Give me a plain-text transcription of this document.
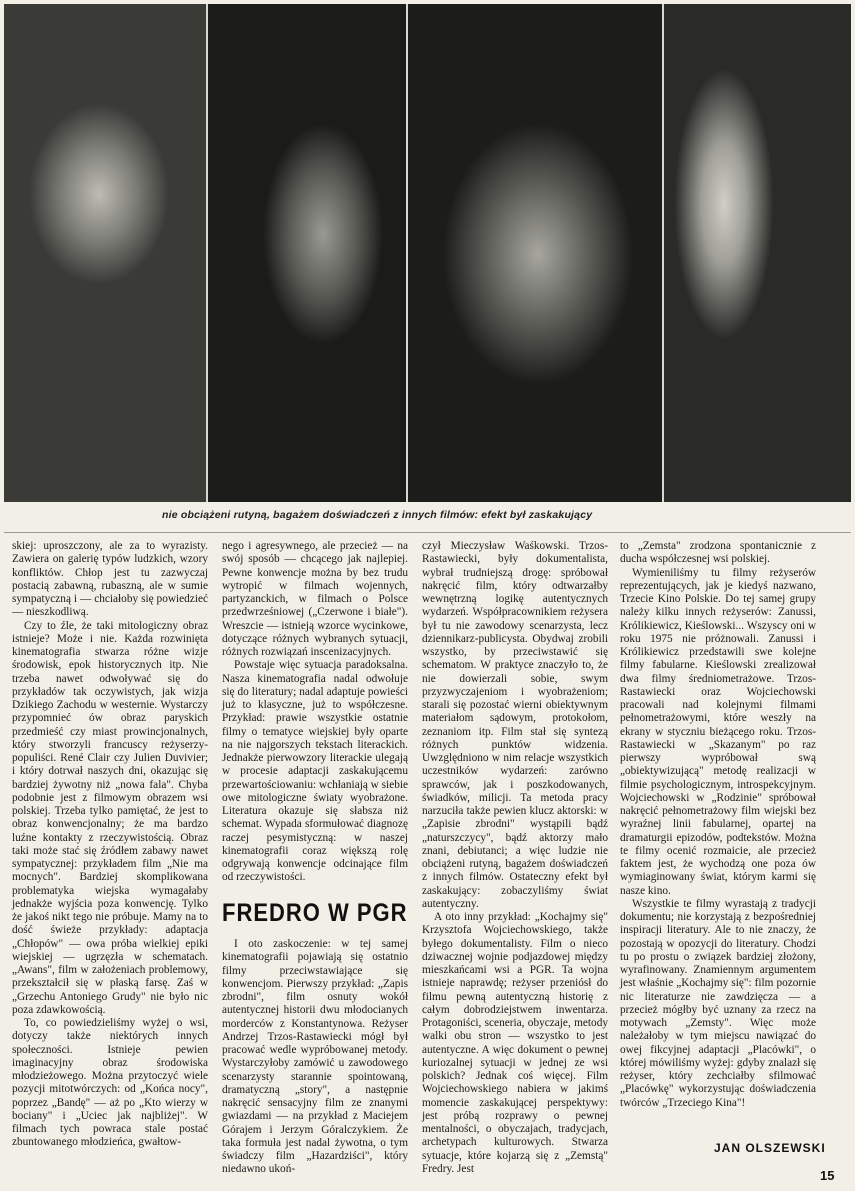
nie obciążeni rutyną, bagażem doświadczeń z innych filmów: efekt był zaskakujący

skiej: uproszczony, ale za to wyrazisty. Zawiera on galerię typów ludzkich, wzory konfliktów. Chłop jest tu zazwyczaj postacią zabawną, rubaszną, ale w sumie sympatyczną i — chciałoby się powiedzieć — nieszkodliwą.

Czy to źle, że taki mitologiczny obraz istnieje? Może i nie. Każda rozwinięta kinematografia stwarza różne wizje środowisk, epok historycznych itp. Nie trzeba nawet odwoływać się do przykładów tak oczywistych, jak wizja Dzikiego Zachodu w westernie. Wystarczy przypomnieć ów obraz paryskich przedmieść czy miast prowincjonalnych, który stworzyli francuscy reżyserzy-populiści. René Clair czy Julien Duvivier; i który dotrwał naszych dni, okazując się bardziej żywotny niż „nowa fala". Chyba podobnie jest z filmowym obrazem wsi polskiej. Trzeba tylko pamiętać, że jest to obraz konwencjonalny; że ma bardzo luźne kontakty z rzeczywistością. Obraz taki może stać się źródłem zabawy nawet sympatycznej: przykładem film „Nie ma mocnych". Bardziej skomplikowana problematyka wiejska wymagałaby jednakże wyjścia poza konwencję. Tylko że jakoś nikt tego nie próbuje. Mamy na to dość świeże przykłady: adaptacja „Chłopów" — owa próba wielkiej epiki wiejskiej — ugrzęzła w schematach. „Awans", film w założeniach problemowy, przekształcił się w płaską farsę. Zaś w „Grzechu Antoniego Grudy" nie było nic poza zdawkowością.

To, co powiedzieliśmy wyżej o wsi, dotyczy także niektórych innych społeczności. Istnieje pewien imaginacyjny obraz środowiska młodzieżowego. Można przytoczyć wiele pozycji mitotwórczych: od „Końca nocy", poprzez „Bandę" — aż po „Kto wierzy w bociany" i „Uciec jak najbliżej". W filmach tych powraca stale postać zbuntowanego młodzieńca, gwałtow-

nego i agresywnego, ale przecież — na swój sposób — chcącego jak najlepiej. Pewne konwencje można by bez trudu wytropić w filmach wojennych, partyzanckich, w filmach o Polsce przedwrześniowej („Czerwone i białe"). Wreszcie — istnieją wzorce wycinkowe, dotyczące różnych wybranych sytuacji, różnych rozwiązań inscenizacyjnych.

Powstaje więc sytuacja paradoksalna. Nasza kinematografia nadal odwołuje się do literatury; nadal adaptuje powieści już to klasyczne, już to współczesne. Przykład: prawie wszystkie ostatnie filmy o tematyce wiejskiej były oparte na nie najgorszych tekstach literackich. Jednakże pierwowzory literackie ulegają w procesie adaptacji zaskakującemu przewartościowaniu: wchłaniają w siebie owe mitologiczne światy wyobrażone. Literatura okazuje się słabsza niż schemat. Wypada sformułować diagnozę raczej pesymistyczną: w naszej kinematografii coraz większą rolę odgrywają konwencje odcinające film od rzeczywistości.

FREDRO W PGR

I oto zaskoczenie: w tej samej kinematografii pojawiają się ostatnio filmy przeciwstawiające się konwencjom. Pierwszy przykład: „Zapis zbrodni", film osnuty wokół autentycznej historii dwu młodocianych morderców z Konstantynowa. Reżyser Andrzej Trzos-Rastawiecki mógł był pracować wedle wypróbowanej metody. Wystarczyłoby zamówić u zawodowego scenarzysty starannie spointowaną, dramatyczną „story", a następnie nakręcić sensacyjny film ze znanymi gwiazdami — na przykład z Maciejem Górajem i Jerzym Góralczykiem. Że taka formuła jest nadal żywotna, o tym świadczy film „Hazardziści", który niedawno ukoń-

czył Mieczysław Waśkowski. Trzos-Rastawiecki, były dokumentalista, wybrał trudniejszą drogę: spróbował nakręcić film, który odtwarzałby wewnętrzną logikę autentycznych wydarzeń. Współpracownikiem reżysera był tu nie zawodowy scenarzysta, lecz dziennikarz-publicysta. Obydwaj zrobili wszystko, by przeciwstawić się schematom. W praktyce znaczyło to, że nie dowierzali sobie, swym przyzwyczajeniom i wyobrażeniom; starali się pozostać wierni obiektywnym materiałom sądowym, protokołom, zeznaniom itp. Film stał się syntezą różnych punktów widzenia. Uwzględniono w nim relacje wszystkich uczestników wydarzeń: zarówno sprawców, jak i poszkodowanych, świadków, milicji. Ta metoda pracy narzuciła także pewien klucz aktorski: w „Zapisie zbrodni" wystąpili bądź „naturszczycy", bądź aktorzy mało znani, debiutanci; a więc ludzie nie obciążeni rutyną, bagażem doświadczeń z innych filmów. Ostateczny efekt był zaskakujący: zobaczyliśmy świat autentyczny.

A oto inny przykład: „Kochajmy się" Krzysztofa Wojciechowskiego, także byłego dokumentalisty. Film o nieco dziwacznej wojnie podjazdowej między mieszkańcami wsi a PGR. Ta wojna istnieje naprawdę; reżyser przeniósł do filmu pewną autentyczną historię z całym dobrodziejstwem inwentarza. Protagoniści, sceneria, obyczaje, metody walki obu stron — wszystko to jest autentyczne. A więc dokument o pewnej kuriozalnej sytuacji w jednej ze wsi polskich? Jednak coś więcej. Film Wojciechowskiego nabiera w jakimś momencie zaskakującej perspektywy: jest próbą rozprawy o pewnej mentalności, o obyczajach, tradycjach, archetypach kulturowych. Stwarza sytuacje, które kojarzą się z „Zemstą" Fredry. Jest

to „Zemsta" zrodzona spontanicznie z ducha współczesnej wsi polskiej.

Wymieniliśmy tu filmy reżyserów reprezentujących, jak je kiedyś nazwano, Trzecie Kino Polskie. Do tej samej grupy należy kilku innych reżyserów: Zanussi, Królikiewicz, Kieślowski... Wszyscy oni w roku 1975 nie próżnowali. Zanussi i Królikiewicz przedstawili swe kolejne filmy fabularne. Kieślowski zrealizował dwa filmy średniometrażowe. Trzos-Rastawiecki oraz Wojciechowski pracowali nad kolejnymi filmami pełnometrażowymi, które weszły na ekrany w styczniu bieżącego roku. Trzos-Rastawiecki w „Skazanym" po raz pierwszy wypróbował swą „obiektywizującą" metodę realizacji w filmie psychologicznym, introspekcyjnym. Wojciechowski w „Rodzinie" spróbował nakręcić pełnometrażowy film wiejski bez wyraźnej linii fabularnej, opartej na dramaturgii epizodów, podtekstów. Można te filmy ocenić rozmaicie, ale przecież faktem jest, że wychodzą one poza ów wymiaginowany świat, którym karmi się nasze kino.

Wszystkie te filmy wyrastają z tradycji dokumentu; nie korzystają z bezpośredniej inspiracji literatury. Ale to nie znaczy, że pozostają w opozycji do literatury. Chodzi tu po prostu o związek bardziej złożony, wyrafinowany. Znamiennym argumentem jest właśnie „Kochajmy się": film pozornie nic literaturze nie zawdzięcza — a przecież mógłby być uznany za rzecz na motywach „Zemsty". Więc może należałoby w tym miejscu nawiązać do owej fikcyjnej adaptacji „Placówki", o której mówiliśmy wyżej: gdyby znalazł się reżyser, który zechciałby sfilmować „Placówkę" wykorzystując doświadczenia twórców „Trzeciego Kina"!

JAN OLSZEWSKI
15
